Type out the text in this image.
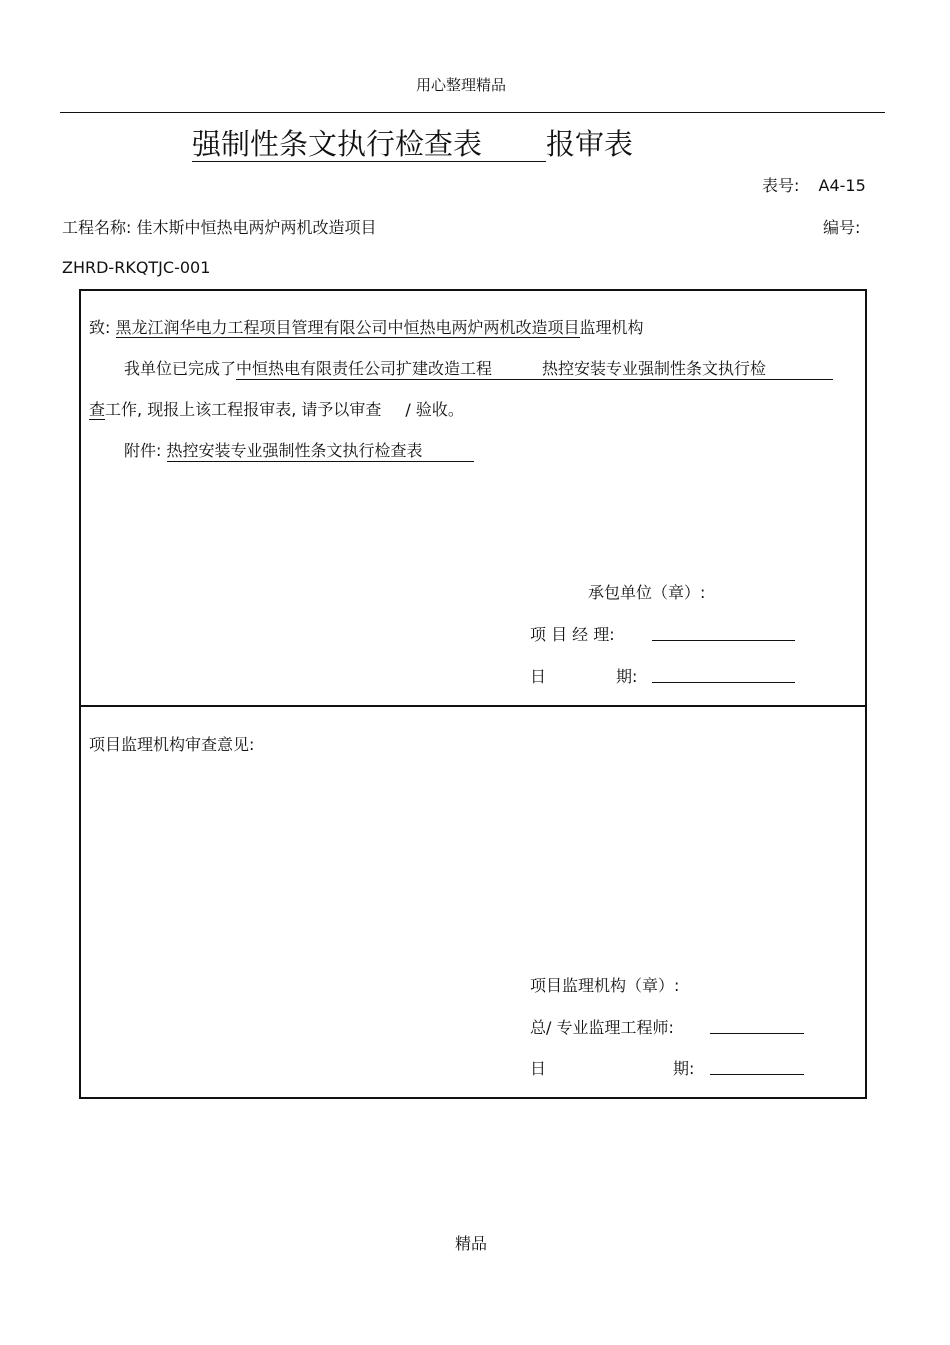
用心整理精品
强制性条文执行检查表 报审表
表号: A4-15
工程名称: 佳木斯中恒热电两炉两机改造项目	编号:
ZHRD-RKQTJC-001
致: 黑龙江润华电力工程项目管理有限公司中恒热电两炉两机改造项目监理机构
我单位已完成了中恒热电有限责任公司扩建改造工程	热控安装专业强制性条文执行检
查工作, 现报上该工程报审表, 请予以审查 / 验收。
附件: 热控安装专业强制性条文执行检查表
承包单位（章）:
项 目 经 理:
日	期:
项目监理机构审查意见:
项目监理机构（章）:
总/ 专业监理工程师:
日	期:
精品
